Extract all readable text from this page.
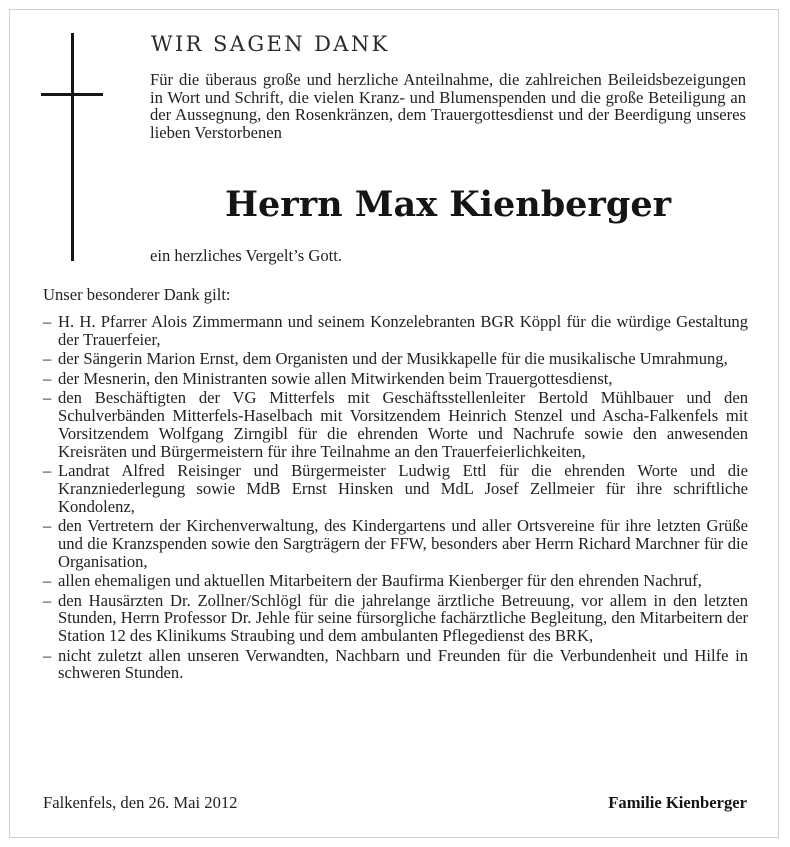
WIR SAGEN DANK
Für die überaus große und herzliche Anteilnahme, die zahlreichen Beileidsbezeigungen in Wort und Schrift, die vielen Kranz- und Blumenspenden und die große Beteiligung an der Aussegnung, den Rosenkränzen, dem Trauergottesdienst und der Beerdigung unseres lieben Verstorbenen
Herrn Max Kienberger
ein herzliches Vergelt’s Gott.
Unser besonderer Dank gilt:
– H. H. Pfarrer Alois Zimmermann und seinem Konzelebranten BGR Köppl für die würdige Gestaltung der Trauerfeier,
– der Sängerin Marion Ernst, dem Organisten und der Musikkapelle für die musikalische Umrahmung,
– der Mesnerin, den Ministranten sowie allen Mitwirkenden beim Trauergottesdienst,
– den Beschäftigten der VG Mitterfels mit Geschäftsstellenleiter Bertold Mühlbauer und den Schulverbänden Mitterfels-Haselbach mit Vorsitzendem Heinrich Stenzel und Ascha-Falkenfels mit Vorsitzendem Wolfgang Zirngibl für die ehrenden Worte und Nachrufe sowie den anwesenden Kreisräten und Bürgermeistern für ihre Teilnahme an den Trauerfeierlichkeiten,
– Landrat Alfred Reisinger und Bürgermeister Ludwig Ettl für die ehrenden Worte und die Kranzniederlegung sowie MdB Ernst Hinsken und MdL Josef Zellmeier für ihre schriftliche Kondolenz,
– den Vertretern der Kirchenverwaltung, des Kindergartens und aller Ortsvereine für ihre letzten Grüße und die Kranzspenden sowie den Sargträgern der FFW, besonders aber Herrn Richard Marchner für die Organisation,
– allen ehemaligen und aktuellen Mitarbeitern der Baufirma Kienberger für den ehrenden Nachruf,
– den Hausärzten Dr. Zollner/Schlögl für die jahrelange ärztliche Betreuung, vor allem in den letzten Stunden, Herrn Professor Dr. Jehle für seine fürsorgliche fachärztliche Begleitung, den Mitarbeitern der Station 12 des Klinikums Straubing und dem ambulanten Pflegedienst des BRK,
– nicht zuletzt allen unseren Verwandten, Nachbarn und Freunden für die Verbundenheit und Hilfe in schweren Stunden.
Falkenfels, den 26. Mai 2012	Familie Kienberger
